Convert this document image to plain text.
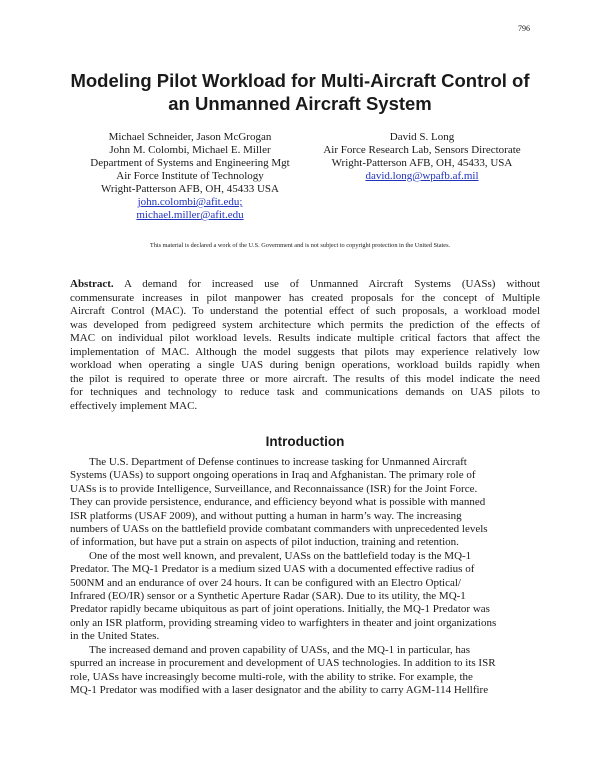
796
Modeling Pilot Workload for Multi-Aircraft Control of
an Unmanned Aircraft System
Michael Schneider, Jason McGrogan
John M. Colombi, Michael E. Miller
Department of Systems and Engineering Mgt
Air Force Institute of Technology
Wright-Patterson AFB, OH, 45433 USA
john.colombi@afit.edu;
michael.miller@afit.edu
David S. Long
Air Force Research Lab, Sensors Directorate
Wright-Patterson AFB, OH, 45433, USA
david.long@wpafb.af.mil
This material is declared a work of the U.S. Government and is not subject to copyright protection in the United States.
Abstract. A demand for increased use of Unmanned Aircraft Systems (UASs) without
commensurate increases in pilot manpower has created proposals for the concept of Multiple
Aircraft Control (MAC). To understand the potential effect of such proposals, a workload model
was developed from pedigreed system architecture which permits the prediction of the effects of
MAC on individual pilot workload levels. Results indicate multiple critical factors that affect the
implementation of MAC. Although the model suggests that pilots may experience relatively low
workload when operating a single UAS during benign operations, workload builds rapidly when
the pilot is required to operate three or more aircraft. The results of this model indicate the need
for techniques and technology to reduce task and communications demands on UAS pilots to
effectively implement MAC.
Introduction
The U.S. Department of Defense continues to increase tasking for Unmanned Aircraft
Systems (UASs) to support ongoing operations in Iraq and Afghanistan. The primary role of
UASs is to provide Intelligence, Surveillance, and Reconnaissance (ISR) for the Joint Force.
They can provide persistence, endurance, and efficiency beyond what is possible with manned
ISR platforms (USAF 2009), and without putting a human in harm’s way. The increasing
numbers of UASs on the battlefield provide combatant commanders with unprecedented levels
of information, but have put a strain on aspects of pilot induction, training and retention.
One of the most well known, and prevalent, UASs on the battlefield today is the MQ-1
Predator. The MQ-1 Predator is a medium sized UAS with a documented effective radius of
500NM and an endurance of over 24 hours. It can be configured with an Electro Optical/
Infrared (EO/IR) sensor or a Synthetic Aperture Radar (SAR). Due to its utility, the MQ-1
Predator rapidly became ubiquitous as part of joint operations. Initially, the MQ-1 Predator was
only an ISR platform, providing streaming video to warfighters in theater and joint organizations
in the United States.
The increased demand and proven capability of UASs, and the MQ-1 in particular, has
spurred an increase in procurement and development of UAS technologies. In addition to its ISR
role, UASs have increasingly become multi-role, with the ability to strike. For example, the
MQ-1 Predator was modified with a laser designator and the ability to carry AGM-114 Hellfire
